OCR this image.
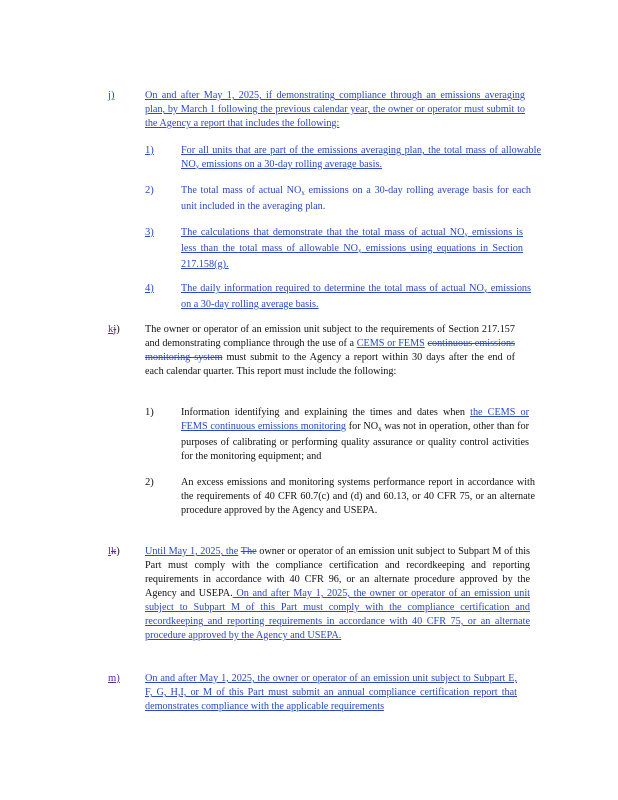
j)	On and after May 1, 2025, if demonstrating compliance through an emissions averaging plan, by March 1 following the previous calendar year, the owner or operator must submit to the Agency a report that includes the following:
1)	For all units that are part of the emissions averaging plan, the total mass of allowable $NO_x$ emissions on a 30-day rolling average basis.
2)	The total mass of actual $NO_x$ emissions on a 30-day rolling average basis for each unit included in the averaging plan.
3)	The calculations that demonstrate that the total mass of actual $NO_x$ emissions is less than the total mass of allowable $NO_x$ emissions using equations in Section 217.158(g).
4)	The daily information required to determine the total mass of actual $NO_x$ emissions on a 30-day rolling average basis.
kj) The owner or operator of an emission unit subject to the requirements of Section 217.157 and demonstrating compliance through the use of a CEMS or FEMS continuous emissions monitoring system must submit to the Agency a report within 30 days after the end of each calendar quarter. This report must include the following:
1)	Information identifying and explaining the times and dates when the CEMS or FEMS continuous emissions monitoring for $NO_x$ was not in operation, other than for purposes of calibrating or performing quality assurance or quality control activities for the monitoring equipment; and
2)	An excess emissions and monitoring systems performance report in accordance with the requirements of 40 CFR 60.7(c) and (d) and 60.13, or 40 CFR 75, or an alternate procedure approved by the Agency and USEPA.
lk) Until May 1, 2025, the The owner or operator of an emission unit subject to Subpart M of this Part must comply with the compliance certification and recordkeeping and reporting requirements in accordance with 40 CFR 96, or an alternate procedure approved by the Agency and USEPA. On and after May 1, 2025, the owner or operator of an emission unit subject to Subpart M of this Part must comply with the compliance certification and recordkeeping and reporting requirements in accordance with 40 CFR 75, or an alternate procedure approved by the Agency and USEPA.
m) On and after May 1, 2025, the owner or operator of an emission unit subject to Subpart E, F, G, H,I, or M of this Part must submit an annual compliance certification report that demonstrates compliance with the applicable requirements
